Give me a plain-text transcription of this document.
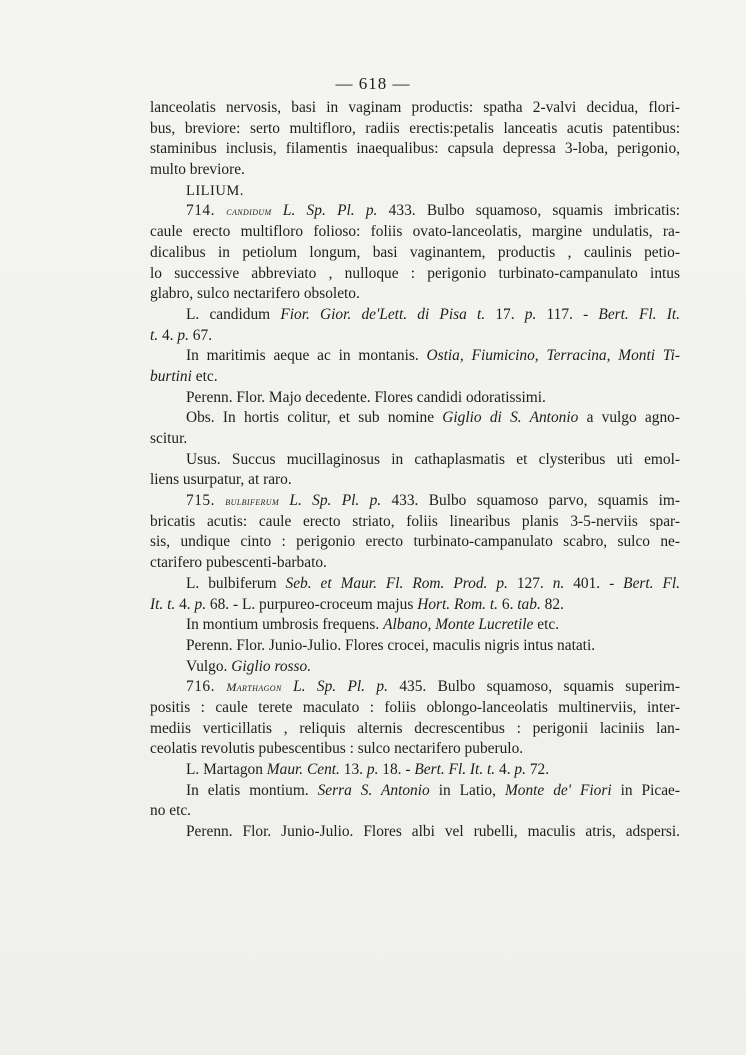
— 618 —
lanceolatis nervosis, basi in vaginam productis: spatha 2-valvi decidua, flori-
bus, breviore: serto multifloro, radiis erectis:petalis lanceatis acutis patentibus:
staminibus inclusis, filamentis inaequalibus: capsula depressa 3-loba, perigonio,
multo breviore.
LILIUM.
714. candidum L. Sp. Pl. p. 433. Bulbo squamoso, squamis imbricatis:
caule erecto multifloro folioso: foliis ovato-lanceolatis, margine undulatis, ra-
dicalibus in petiolum longum, basi vaginantem, productis , caulinis petio-
lo successive abbreviato , nulloque : perigonio turbinato-campanulato intus
glabro, sulco nectarifero obsoleto.
L. candidum Fior. Gior. de'Lett. di Pisa t. 17. p. 117. - Bert. Fl. It.
t. 4. p. 67.
In maritimis aeque ac in montanis. Ostia, Fiumicino, Terracina, Monti Ti-
burtini etc.
Perenn. Flor. Majo decedente. Flores candidi odoratissimi.
Obs. In hortis colitur, et sub nomine Giglio di S. Antonio a vulgo agno-
scitur.
Usus. Succus mucillaginosus in cathaplasmatis et clysteribus uti emol-
liens usurpatur, at raro.
715. bulbiferum L. Sp. Pl. p. 433. Bulbo squamoso parvo, squamis im-
bricatis acutis: caule erecto striato, foliis linearibus planis 3-5-nerviis spar-
sis, undique cinto : perigonio erecto turbinato-campanulato scabro, sulco ne-
ctarifero pubescenti-barbato.
L. bulbiferum Seb. et Maur. Fl. Rom. Prod. p. 127. n. 401. - Bert. Fl.
It. t. 4. p. 68. - L. purpureo-croceum majus Hort. Rom. t. 6. tab. 82.
In montium umbrosis frequens. Albano, Monte Lucretile etc.
Perenn. Flor. Junio-Julio. Flores crocei, maculis nigris intus natati.
Vulgo. Giglio rosso.
716. Marthagon L. Sp. Pl. p. 435. Bulbo squamoso, squamis superim-
positis : caule terete maculato : foliis oblongo-lanceolatis multinerviis, inter-
mediis verticillatis , reliquis alternis decrescentibus : perigonii laciniis lan-
ceolatis revolutis pubescentibus : sulco nectarifero puberulo.
L. Martagon Maur. Cent. 13. p. 18. - Bert. Fl. It. t. 4. p. 72.
In elatis montium. Serra S. Antonio in Latio, Monte de' Fiori in Picae-
no etc.
Perenn. Flor. Junio-Julio. Flores albi vel rubelli, maculis atris, adspersi.
